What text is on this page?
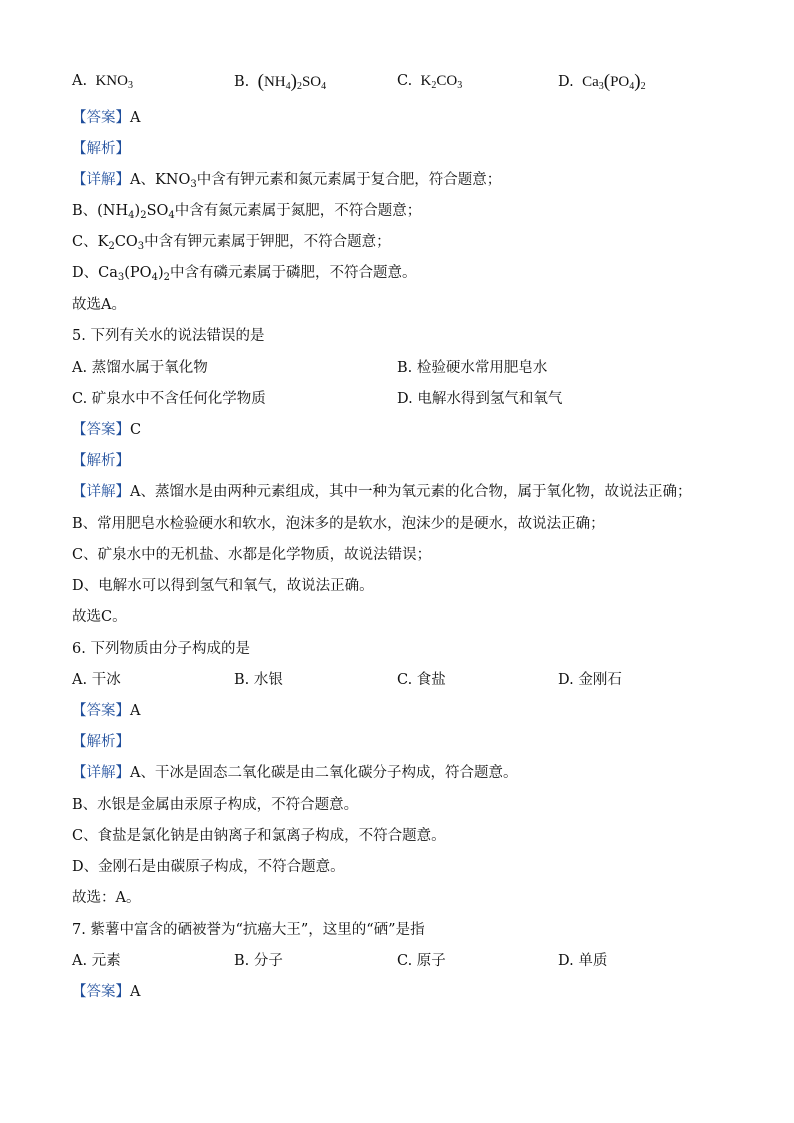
A.  $KNO_3$	B. $(NH_4)_2SO_4$	C.  $K_2CO_3$	D.  $Ca_3(PO_4)_2$
【答案】A
【解析】
【详解】A、$KNO_3$中含有钾元素和氮元素属于复合肥，符合题意；
B、$(NH_4)_2SO_4$中含有氮元素属于氮肥，不符合题意；
C、$K_2CO_3$中含有钾元素属于钾肥，不符合题意；
D、$Ca_3(PO_4)_2$中含有磷元素属于磷肥，不符合题意。
故选A。
5. 下列有关水的说法错误的是
A. 蒸馏水属于氧化物	B. 检验硬水常用肥皂水
C. 矿泉水中不含任何化学物质	D. 电解水得到氢气和氧气
【答案】C
【解析】
【详解】A、蒸馏水是由两种元素组成，其中一种为氧元素的化合物，属于氧化物，故说法正确；
B、常用肥皂水检验硬水和软水，泡沫多的是软水，泡沫少的是硬水，故说法正确；
C、矿泉水中的无机盐、水都是化学物质，故说法错误；
D、电解水可以得到氢气和氧气，故说法正确。
故选C。
6. 下列物质由分子构成的是
A. 干冰	B. 水银	C. 食盐	D. 金刚石
【答案】A
【解析】
【详解】A、干冰是固态二氧化碳是由二氧化碳分子构成，符合题意。
B、水银是金属由汞原子构成，不符合题意。
C、食盐是氯化钠是由钠离子和氯离子构成，不符合题意。
D、金刚石是由碳原子构成，不符合题意。
故选：A。
7. 紫薯中富含的硒被誉为“抗癌大王”，这里的“硒”是指
A. 元素	B. 分子	C. 原子	D. 单质
【答案】A
